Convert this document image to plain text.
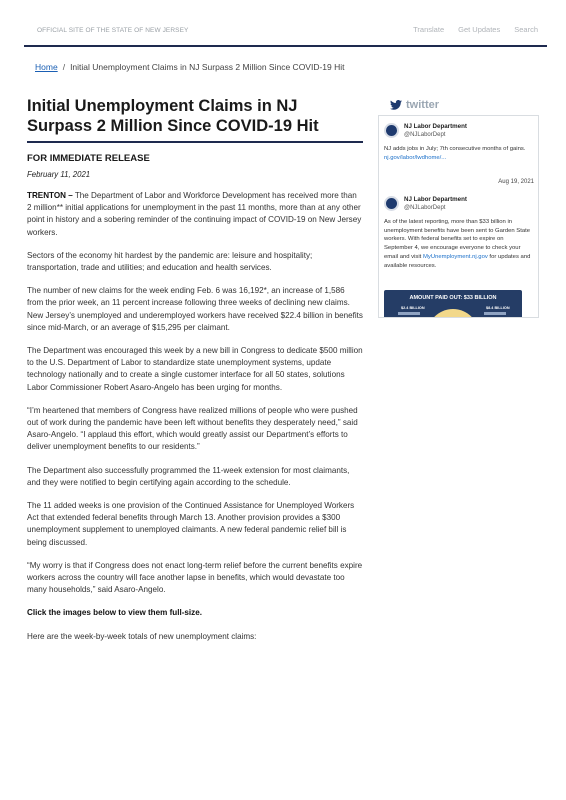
OFFICIAL SITE OF THE STATE OF NEW JERSEY	Translate Get Updates Search
Home / Initial Unemployment Claims in NJ Surpass 2 Million Since COVID-19 Hit
Initial Unemployment Claims in NJ Surpass 2 Million Since COVID-19 Hit
FOR IMMEDIATE RELEASE
February 11, 2021

TRENTON – The Department of Labor and Workforce Development has received more than 2 million** initial applications for unemployment in the past 11 months, more than at any other point in history and a sobering reminder of the continuing impact of COVID-19 on New Jersey workers.

Sectors of the economy hit hardest by the pandemic are: leisure and hospitality; transportation, trade and utilities; and education and health services.

The number of new claims for the week ending Feb. 6 was 16,192*, an increase of 1,586 from the prior week, an 11 percent increase following three weeks of declining new claims. New Jersey’s unemployed and underemployed workers have received $22.4 billion in benefits since mid-March, or an average of $15,295 per claimant.

The Department was encouraged this week by a new bill in Congress to dedicate $500 million to the U.S. Department of Labor to standardize state unemployment systems, update technology nationally and to create a single customer interface for all 50 states, solutions Labor Commissioner Robert Asaro-Angelo has been urging for months.

“I’m heartened that members of Congress have realized millions of people who were pushed out of work during the pandemic have been left without benefits they desperately need,” said Asaro-Angelo. “I applaud this effort, which would greatly assist our Department’s efforts to deliver unemployment benefits to our residents.”

The Department also successfully programmed the 11-week extension for most claimants, and they were notified to begin certifying again according to the schedule.

The 11 added weeks is one provision of the Continued Assistance for Unemployed Workers Act that extended federal benefits through March 13. Another provision provides a $300 unemployment supplement to unemployed claimants. A new federal pandemic relief bill is being discussed.

“My worry is that if Congress does not enact long-term relief before the current benefits expire workers across the country will face another lapse in benefits, which would devastate too many households,” said Asaro-Angelo.

Click the images below to view them full-size.

Here are the week-by-week totals of new unemployment claims:

twitter
NJ Labor Department
@NJLaborDept
NJ adds jobs in July; 7th consecutive months of gains. nj.gov/labor/lwdhome/...
Aug 19, 2021
NJ Labor Department
@NJLaborDept
As of the latest reporting, more than $33 billion in unemployment benefits have been sent to Garden State workers. With federal benefits set to expire on September 4, we encourage everyone to check your email and visit MyUnemployment.nj.gov for updates and available resources.
AMOUNT PAID OUT: $33 BILLION
$2.4 BILLION	$8.4 BILLION
